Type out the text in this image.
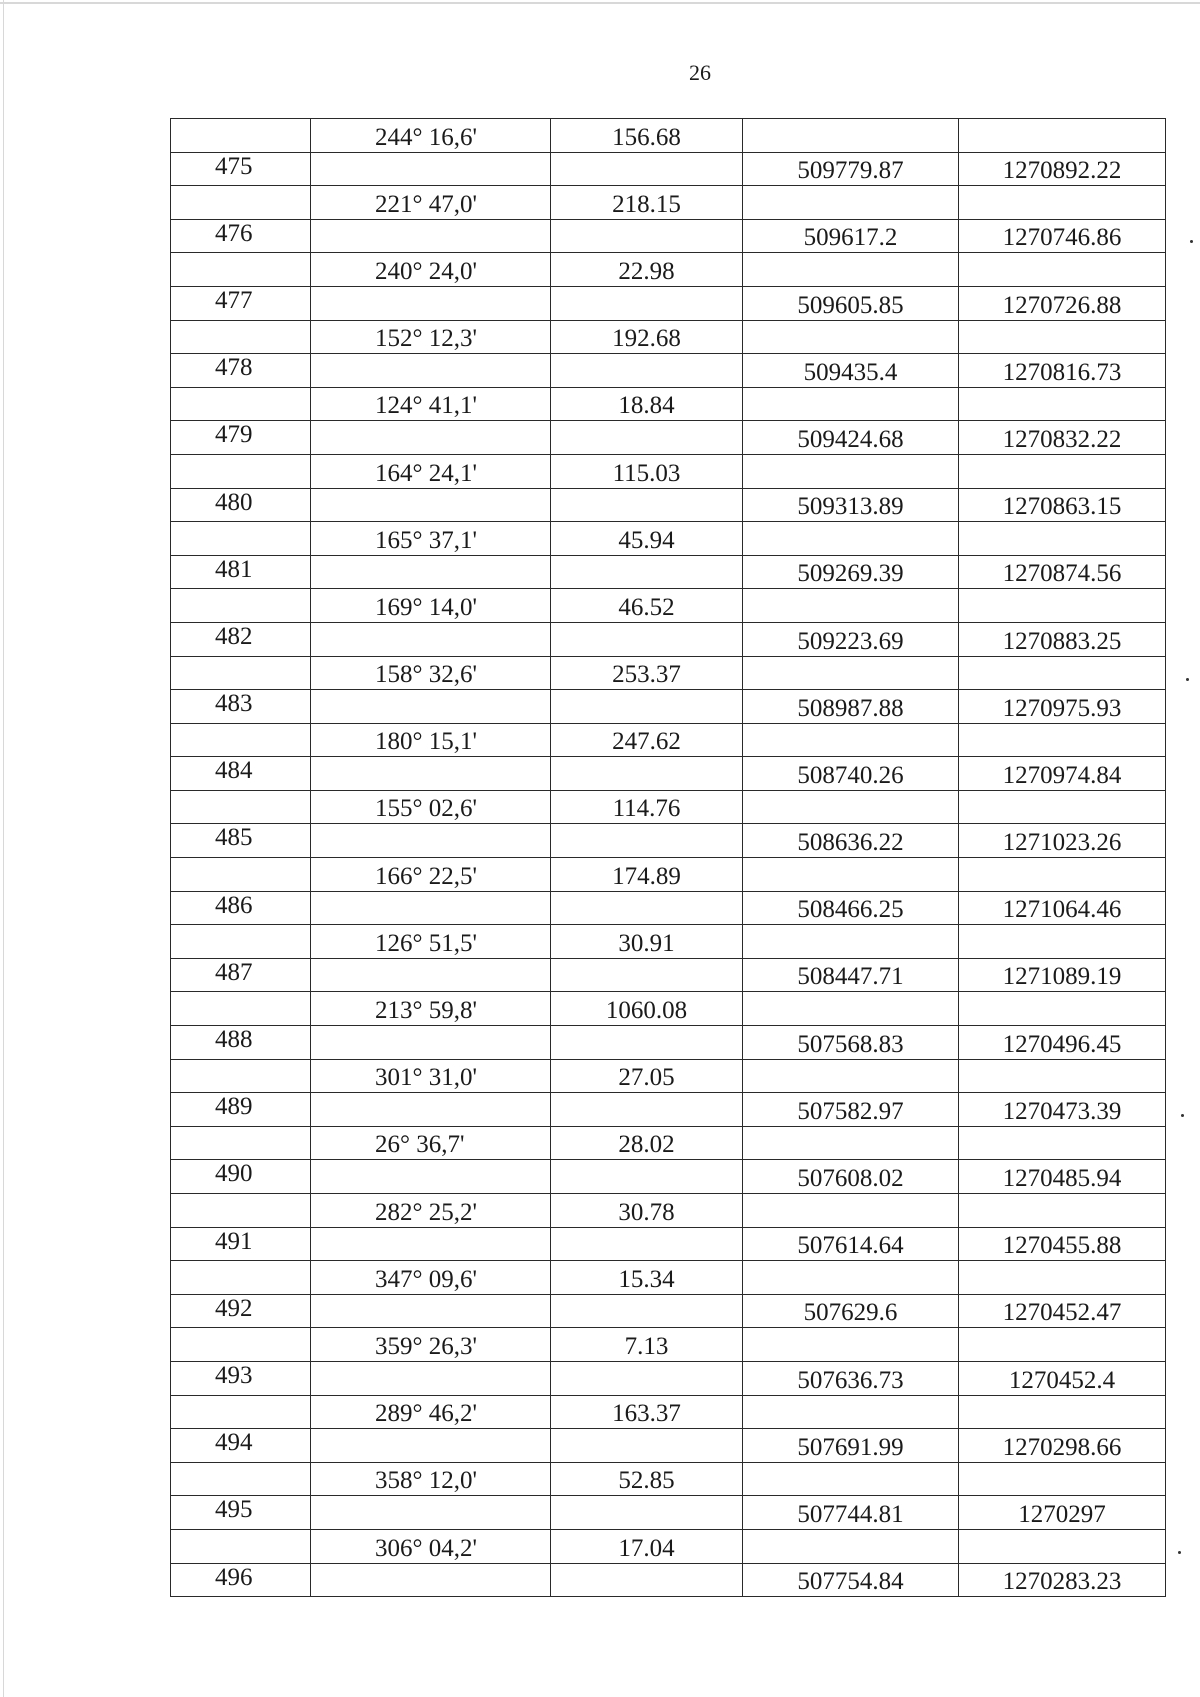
26
	244° 16,6'	156.68		
475			509779.87	1270892.22
	221° 47,0'	218.15		
476			509617.2	1270746.86
	240° 24,0'	22.98		
477			509605.85	1270726.88
	152° 12,3'	192.68		
478			509435.4	1270816.73
	124° 41,1'	18.84		
479			509424.68	1270832.22
	164° 24,1'	115.03		
480			509313.89	1270863.15
	165° 37,1'	45.94		
481			509269.39	1270874.56
	169° 14,0'	46.52		
482			509223.69	1270883.25
	158° 32,6'	253.37		
483			508987.88	1270975.93
	180° 15,1'	247.62		
484			508740.26	1270974.84
	155° 02,6'	114.76		
485			508636.22	1271023.26
	166° 22,5'	174.89		
486			508466.25	1271064.46
	126° 51,5'	30.91		
487			508447.71	1271089.19
	213° 59,8'	1060.08		
488			507568.83	1270496.45
	301° 31,0'	27.05		
489			507582.97	1270473.39
	26° 36,7'	28.02		
490			507608.02	1270485.94
	282° 25,2'	30.78		
491			507614.64	1270455.88
	347° 09,6'	15.34		
492			507629.6	1270452.47
	359° 26,3'	7.13		
493			507636.73	1270452.4
	289° 46,2'	163.37		
494			507691.99	1270298.66
	358° 12,0'	52.85		
495			507744.81	1270297
	306° 04,2'	17.04		
496			507754.84	1270283.23
